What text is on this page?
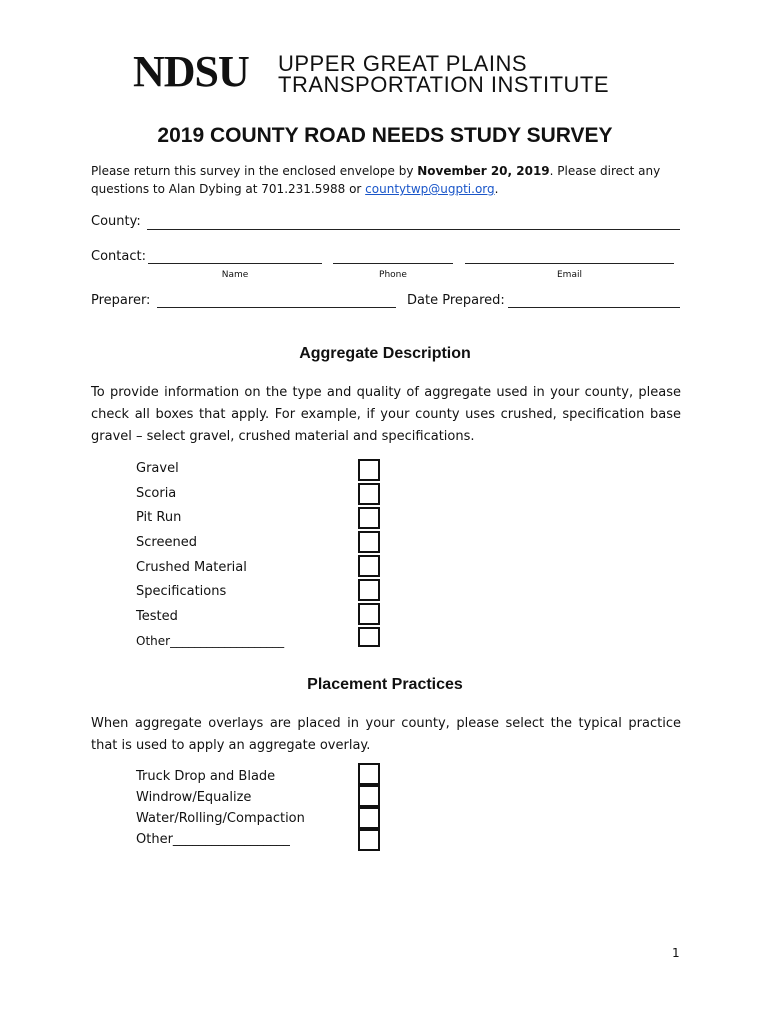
NDSU UPPER GREAT PLAINS
TRANSPORTATION INSTITUTE
2019 COUNTY ROAD NEEDS STUDY SURVEY
Please return this survey in the enclosed envelope by November 20, 2019. Please direct any questions to Alan Dybing at 701.231.5988 or countytwp@ugpti.org.
County:
Contact:
Name	Phone	Email
Preparer:	Date Prepared:
Aggregate Description
To provide information on the type and quality of aggregate used in your county, please check all boxes that apply. For example, if your county uses crushed, specification base gravel – select gravel, crushed material and specifications.
Gravel
Scoria
Pit Run
Screened
Crushed Material
Specifications
Tested
Other___________________
Placement Practices
When aggregate overlays are placed in your county, please select the typical practice that is used to apply an aggregate overlay.
Truck Drop and Blade
Windrow/Equalize
Water/Rolling/Compaction
Other__________________
1
